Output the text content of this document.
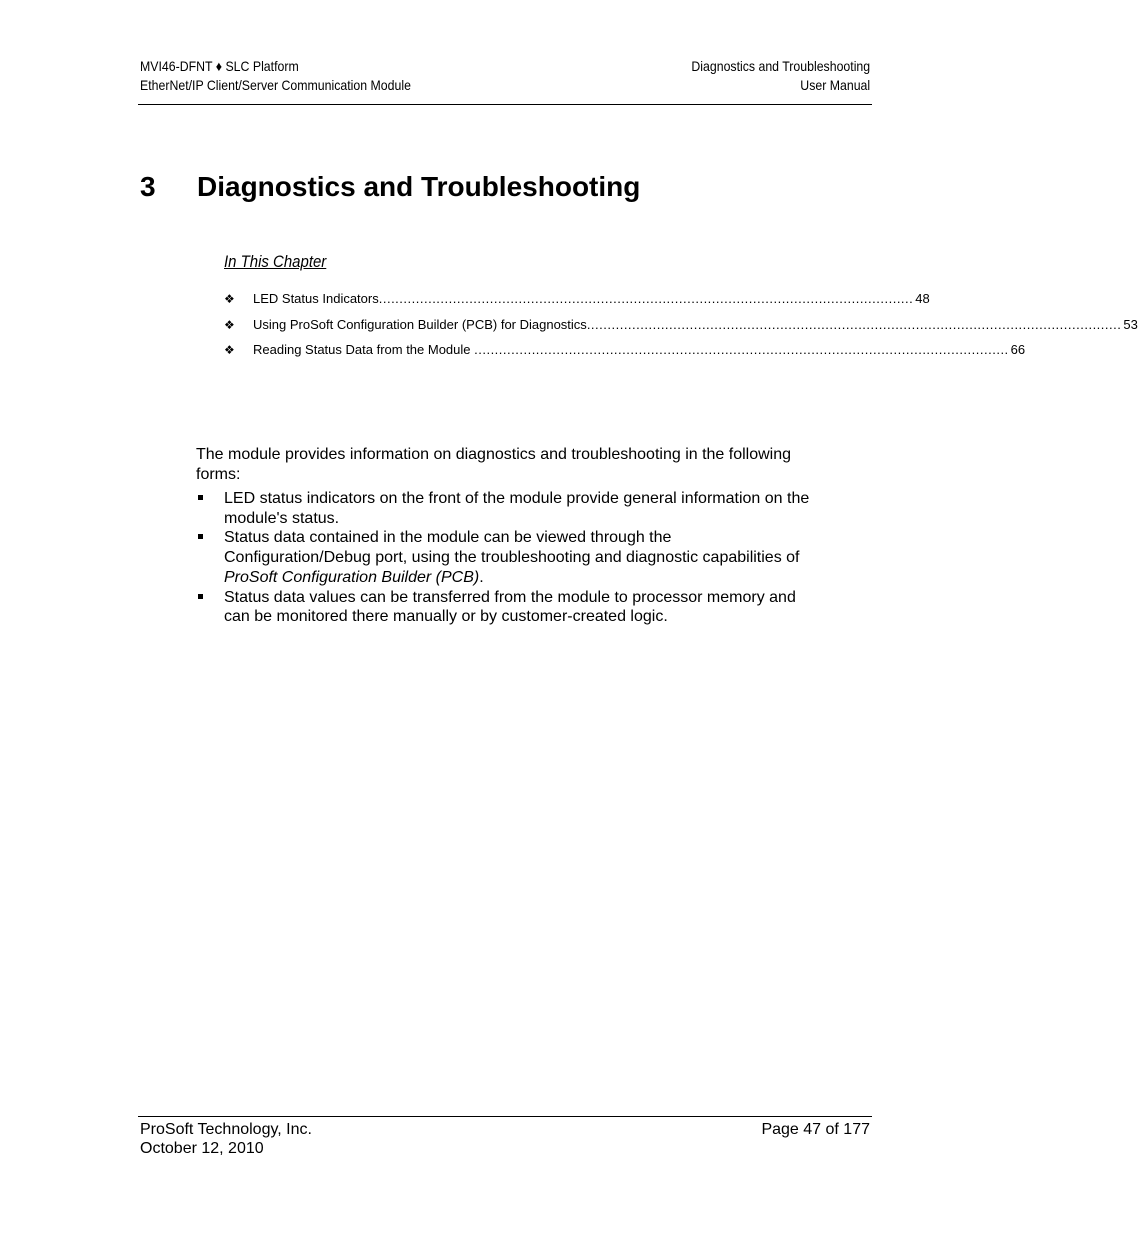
MVI46-DFNT ♦ SLC Platform
EtherNet/IP Client/Server Communication Module
Diagnostics and Troubleshooting
User Manual
3 Diagnostics and Troubleshooting
In This Chapter
❖	LED Status Indicators .................................................................................................................................. 48
❖	Using ProSoft Configuration Builder (PCB) for Diagnostics .................................................................................................................................. 53
❖	Reading Status Data from the Module .................................................................................................................................. 66

The module provides information on diagnostics and troubleshooting in the following forms:

LED status indicators on the front of the module provide general information on the module's status.
Status data contained in the module can be viewed through the Configuration/Debug port, using the troubleshooting and diagnostic capabilities of ProSoft Configuration Builder (PCB).
Status data values can be transferred from the module to processor memory and can be monitored there manually or by customer-created logic.
ProSoft Technology, Inc.
October 12, 2010
Page 47 of 177
